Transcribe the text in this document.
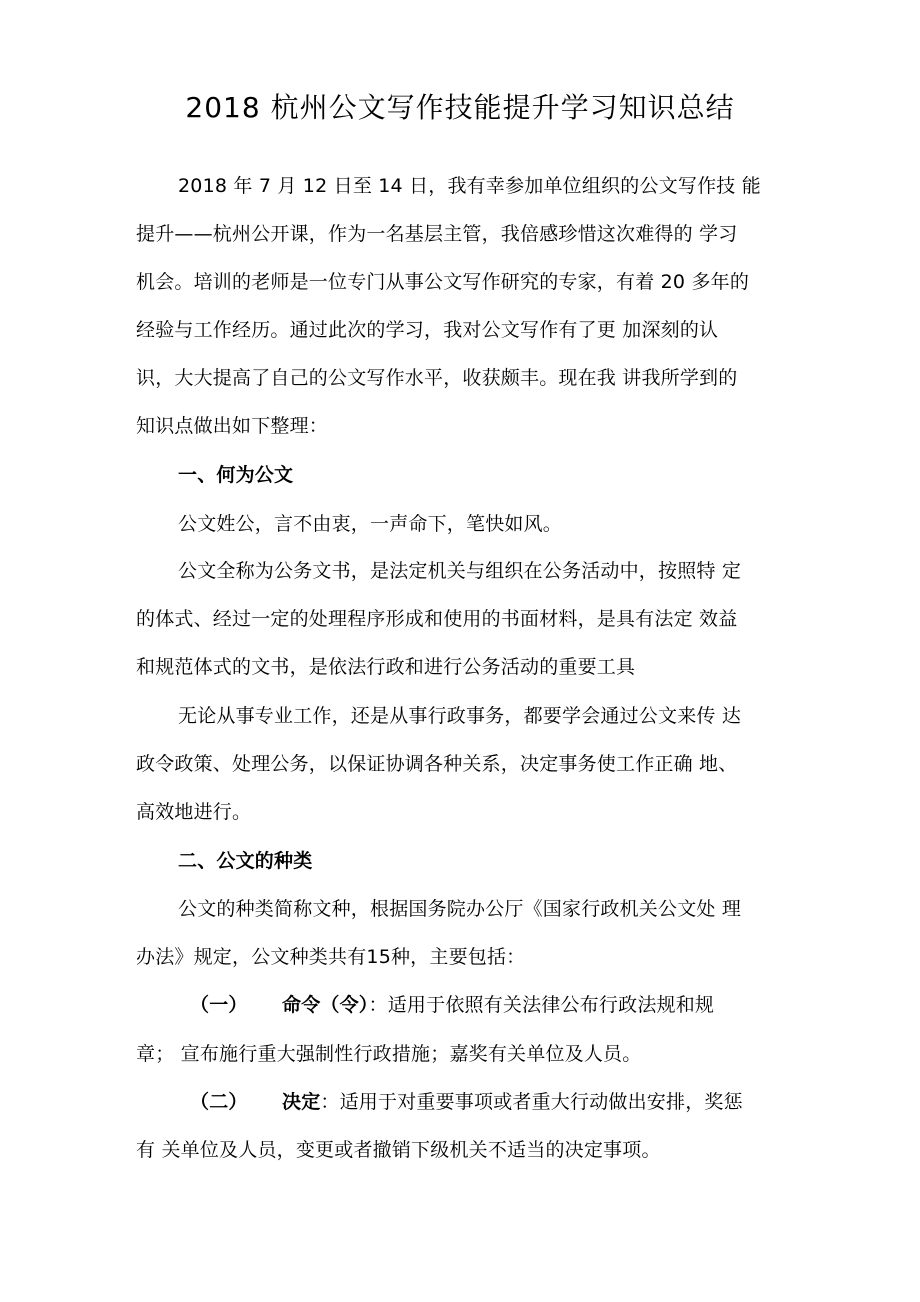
2018 杭州公文写作技能提升学习知识总结
2018 年 7 月 12 日至 14 日，我有幸参加单位组织的公文写作技 能
提升——杭州公开课，作为一名基层主管，我倍感珍惜这次难得的 学习
机会。培训的老师是一位专门从事公文写作研究的专家，有着 20 多年的
经验与工作经历。通过此次的学习，我对公文写作有了更 加深刻的认
识，大大提高了自己的公文写作水平，收获颇丰。现在我 讲我所学到的
知识点做出如下整理：
一、何为公文
公文姓公，言不由衷，一声命下，笔快如风。
公文全称为公务文书，是法定机关与组织在公务活动中，按照特 定
的体式、经过一定的处理程序形成和使用的书面材料，是具有法定 效益
和规范体式的文书，是依法行政和进行公务活动的重要工具
无论从事专业工作，还是从事行政事务，都要学会通过公文来传 达
政令政策、处理公务，以保证协调各种关系，决定事务使工作正确 地、
高效地进行。
二、公文的种类
公文的种类简称文种，根据国务院办公厅《国家行政机关公文处 理
办法》规定，公文种类共有15种，主要包括：
（一） 命令（令）：适用于依照有关法律公布行政法规和规
章； 宣布施行重大强制性行政措施；嘉奖有关单位及人员。
（二） 决定：适用于对重要事项或者重大行动做出安排，奖惩
有 关单位及人员，变更或者撤销下级机关不适当的决定事项。
